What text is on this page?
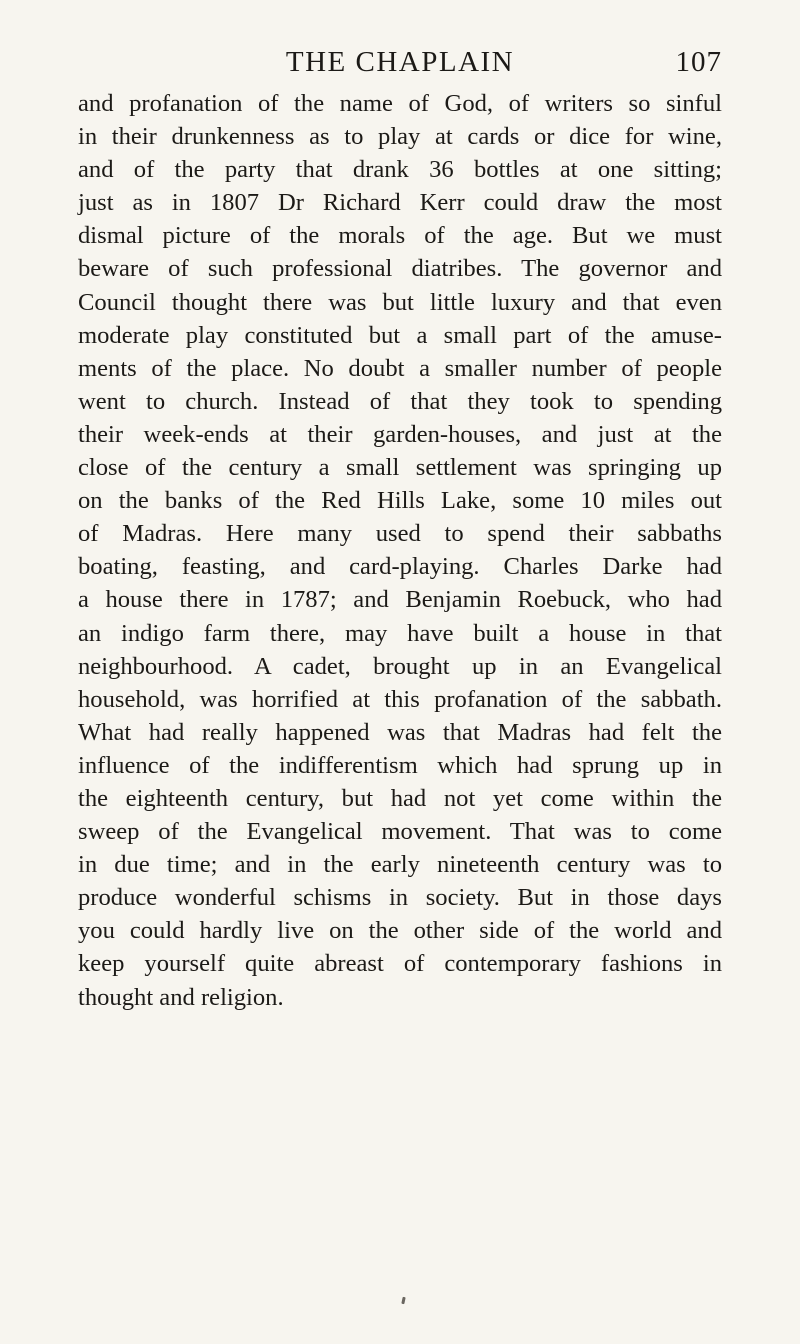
THE CHAPLAIN	107
and profanation of the name of God, of writers so sinful
in their drunkenness as to play at cards or dice for wine,
and of the party that drank 36 bottles at one sitting;
just as in 1807 Dr Richard Kerr could draw the most
dismal picture of the morals of the age. But we must
beware of such professional diatribes. The governor and
Council thought there was but little luxury and that even
moderate play constituted but a small part of the amuse-
ments of the place. No doubt a smaller number of people
went to church. Instead of that they took to spending
their week-ends at their garden-houses, and just at the
close of the century a small settlement was springing up
on the banks of the Red Hills Lake, some 10 miles out
of Madras. Here many used to spend their sabbaths
boating, feasting, and card-playing. Charles Darke had
a house there in 1787; and Benjamin Roebuck, who had
an indigo farm there, may have built a house in that
neighbourhood. A cadet, brought up in an Evangelical
household, was horrified at this profanation of the sabbath.
What had really happened was that Madras had felt the
influence of the indifferentism which had sprung up in
the eighteenth century, but had not yet come within the
sweep of the Evangelical movement. That was to come
in due time; and in the early nineteenth century was to
produce wonderful schisms in society. But in those days
you could hardly live on the other side of the world and
keep yourself quite abreast of contemporary fashions in
thought and religion.
